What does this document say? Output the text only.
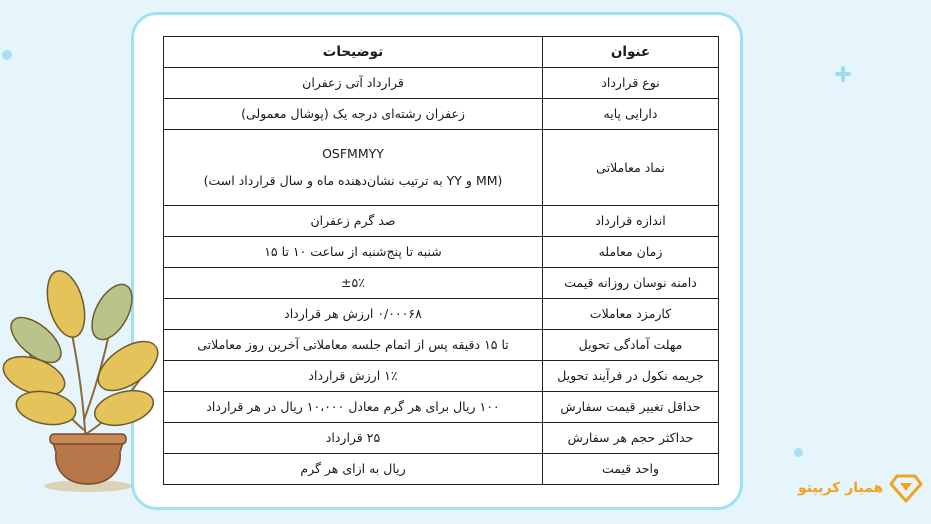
عنوان	توضیحات
نوع قرارداد	قرارداد آتی زعفران
دارایی پایه	زعفران رشته‌ای درجه یک (پوشال معمولی)
نماد معاملاتی	OSFMMYY
(MM و YY به ترتیب نشان‌دهنده ماه و سال قرارداد است)

اندازه قرارداد	صد گرم زعفران
زمان معامله	شنبه تا پنج‌شنبه از ساعت ۱۰ تا ۱۵
دامنه نوسان روزانه قیمت	±۵٪
کارمزد معاملات	۰/۰۰۰۶۸ ارزش هر قرارداد
مهلت آمادگی تحویل	تا ۱۵ دقیقه پس از اتمام جلسه معاملاتی آخرین روز معاملاتی
جریمه نکول در فرآیند تحویل	۱٪ ارزش قرارداد
حداقل تغییر قیمت سفارش	۱۰۰ ریال برای هر گرم معادل ۱۰،۰۰۰ ریال در هر قرارداد
حداکثر حجم هر سفارش	۲۵ قرارداد
واحد قیمت	ریال به ازای هر گرم
همیار کریپتو
